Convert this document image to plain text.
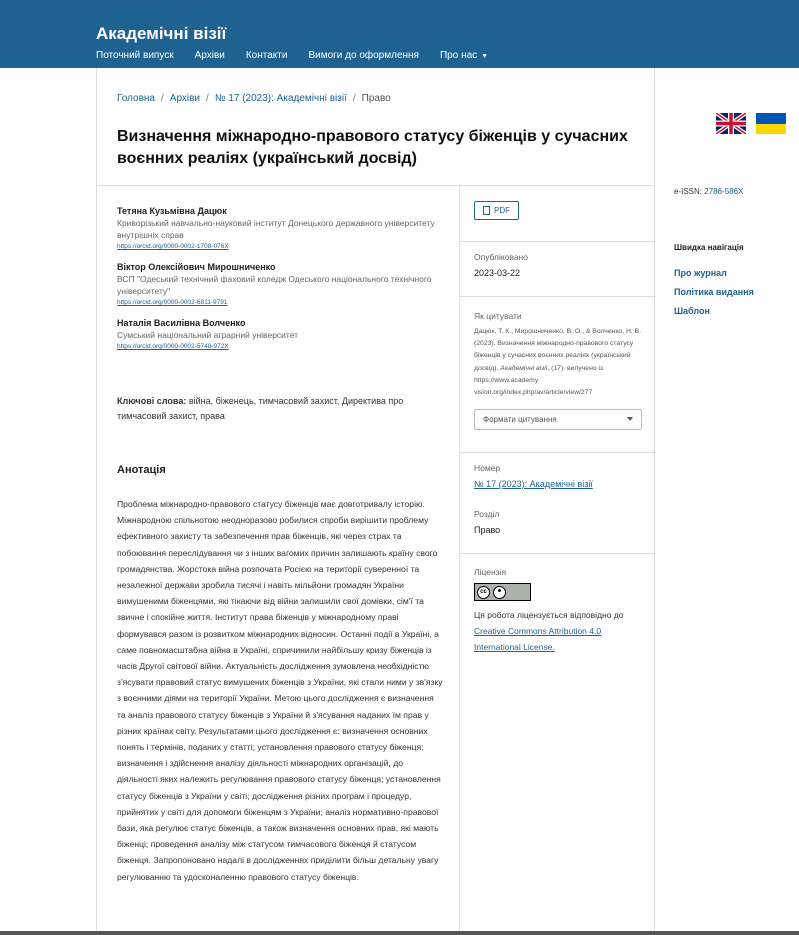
Академічні візії
Поточний випуск Архіви Контакти Вимоги до оформлення Про нас ▼
Головна / Архіви / № 17 (2023): Академічні візії / Право
Визначення міжнародно-правового статусу біженців у сучасних воєнних реаліях (український досвід)
Тетяна Кузьмівна Дацюк
Криворізький навчально-науковий інститут Донецького державного університету внутрішніх справ
https://orcid.org/0000-0002-1708-076X
Віктор Олексійович Мирошниченко
ВСП "Одеський технічний фаховий коледж Одеського національного технічного університету"
https://orcid.org/0000-0002-6811-9791
Наталія Василівна Волченко
Сумський національний аграрний університет
https://orcid.org/0000-0002-5748-972X
Ключові слова: війна, біженець, тимчасовий захист, Директива про тимчасовий захист, права
Анотація
Проблема міжнародно-правового статусу біженців має довготривалу історію. Міжнародною спільнотою неодноразово робилися спроби вирішити проблему ефективного захисту та забезпечення прав біженців, які через страх та побоювання переслідування чи з інших вагомих причин залишають країну свого громадянства. Жорстока війна розпочата Росією на території суверенної та незалежної держави зробила тисячі і навіть мільйони громадян України вимушеними біженцями, які тікаючи від війни залишили свої домівки, сім'ї та звичне і спокійне життя. Інститут права біженців у міжнародному праві формувався разом із розвитком міжнародних відносин. Останні події в Україні, а саме повномасштабна війна в Україні, спричинили найбільшу кризу біженців із часів Другої світової війни. Актуальність дослідження зумовлена необхідністю з'ясувати правовий статус вимушених біженців з України, які стали ними у зв'язку з воєнними діями на території України. Метою цього дослідження є визначення та аналіз правового статусу біженців з України й з'ясування наданих їм прав у різних країнах світу. Результатами цього дослідження є: визначення основних понять і термінів, поданих у статті; установлення правового статусу біженця; визначення і здійснення аналізу діяльності міжнародних організацій, до діяльності яких належить регулювання правового статусу біженця; установлення статусу біженців з України у світі; дослідження різних програм і процедур, прийнятих у світі для допомоги біженцям з України; аналіз нормативно-правової бази, яка регулює статус біженців, а також визначення основних прав, які мають біженці; проведення аналізу між статусом тимчасового біженця й статусом біженця. Запропоновано надалі в дослідженнях приділити більш детальну увагу регулюванню та удосконаленню правового статусу біженців.
PDF
Опубліковано
2023-03-22
Як цитувати
Дацюк, Т. К., Мирошниченко, В. О., & Волченко, Н. В. (2023). Визначення міжнародно-правового статусу біженців у сучасних воєнних реаліях (український досвід). Академічні візії, (17). вилучено із https://www.academy vision.org/index.php/av/article/view/277
Формати цитування
Номер
№ 17 (2023): Академічні візії
Розділ
Право
Ліцензія
cc
Ця робота ліцензується відповідно до
Creative Commons Attribution 4.0 International License.
e-ISSN: 2786-586X
Швидка навігація
Про журнал
Політика видання
Шаблон
